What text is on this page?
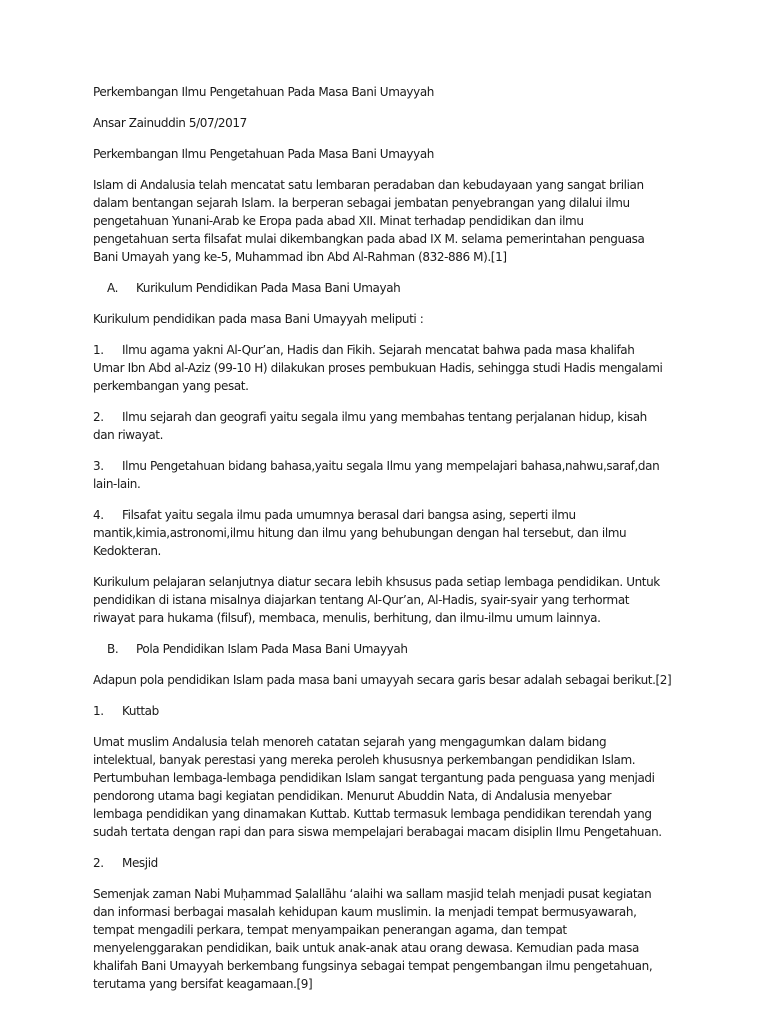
Perkembangan Ilmu Pengetahuan Pada Masa Bani Umayyah

Ansar Zainuddin 5/07/2017

Perkembangan Ilmu Pengetahuan Pada Masa Bani Umayyah

Islam di Andalusia telah mencatat satu lembaran peradaban dan kebudayaan yang sangat brilian
dalam bentangan sejarah Islam. Ia berperan sebagai jembatan penyebrangan yang dilalui ilmu
pengetahuan Yunani-Arab ke Eropa pada abad XII. Minat terhadap pendidikan dan ilmu
pengetahuan serta filsafat mulai dikembangkan pada abad IX M. selama pemerintahan penguasa
Bani Umayah yang ke-5, Muhammad ibn Abd Al-Rahman (832-886 M).[1]

A.	Kurikulum Pendidikan Pada Masa Bani Umayah

Kurikulum pendidikan pada masa Bani Umayyah meliputi :

1. Ilmu agama yakni Al-Qur’an, Hadis dan Fikih. Sejarah mencatat bahwa pada masa khalifah
Umar Ibn Abd al-Aziz (99-10 H) dilakukan proses pembukuan Hadis, sehingga studi Hadis mengalami
perkembangan yang pesat.

2. Ilmu sejarah dan geografi yaitu segala ilmu yang membahas tentang perjalanan hidup, kisah
dan riwayat.

3. Ilmu Pengetahuan bidang bahasa,yaitu segala Ilmu yang mempelajari bahasa,nahwu,saraf,dan
lain-lain.

4. Filsafat yaitu segala ilmu pada umumnya berasal dari bangsa asing, seperti ilmu
mantik,kimia,astronomi,ilmu hitung dan ilmu yang behubungan dengan hal tersebut, dan ilmu
Kedokteran.

Kurikulum pelajaran selanjutnya diatur secara lebih khsusus pada setiap lembaga pendidikan. Untuk
pendidikan di istana misalnya diajarkan tentang Al-Qur’an, Al-Hadis, syair-syair yang terhormat
riwayat para hukama (filsuf), membaca, menulis, berhitung, dan ilmu-ilmu umum lainnya.

B.	Pola Pendidikan Islam Pada Masa Bani Umayyah

Adapun pola pendidikan Islam pada masa bani umayyah secara garis besar adalah sebagai berikut.[2]

1.	Kuttab

Umat muslim Andalusia telah menoreh catatan sejarah yang mengagumkan dalam bidang
intelektual, banyak perestasi yang mereka peroleh khususnya perkembangan pendidikan Islam.
Pertumbuhan lembaga-lembaga pendidikan Islam sangat tergantung pada penguasa yang menjadi
pendorong utama bagi kegiatan pendidikan. Menurut Abuddin Nata, di Andalusia menyebar
lembaga pendidikan yang dinamakan Kuttab. Kuttab termasuk lembaga pendidikan terendah yang
sudah tertata dengan rapi dan para siswa mempelajari berabagai macam disiplin Ilmu Pengetahuan.

2.	Mesjid

Semenjak zaman Nabi Muḥammad Ṣalallāhu ‘alaihi wa sallam masjid telah menjadi pusat kegiatan
dan informasi berbagai masalah kehidupan kaum muslimin. Ia menjadi tempat bermusyawarah,
tempat mengadili perkara, tempat menyampaikan penerangan agama, dan tempat
menyelenggarakan pendidikan, baik untuk anak-anak atau orang dewasa. Kemudian pada masa
khalifah Bani Umayyah berkembang fungsinya sebagai tempat pengembangan ilmu pengetahuan,
terutama yang bersifat keagamaan.[9]
